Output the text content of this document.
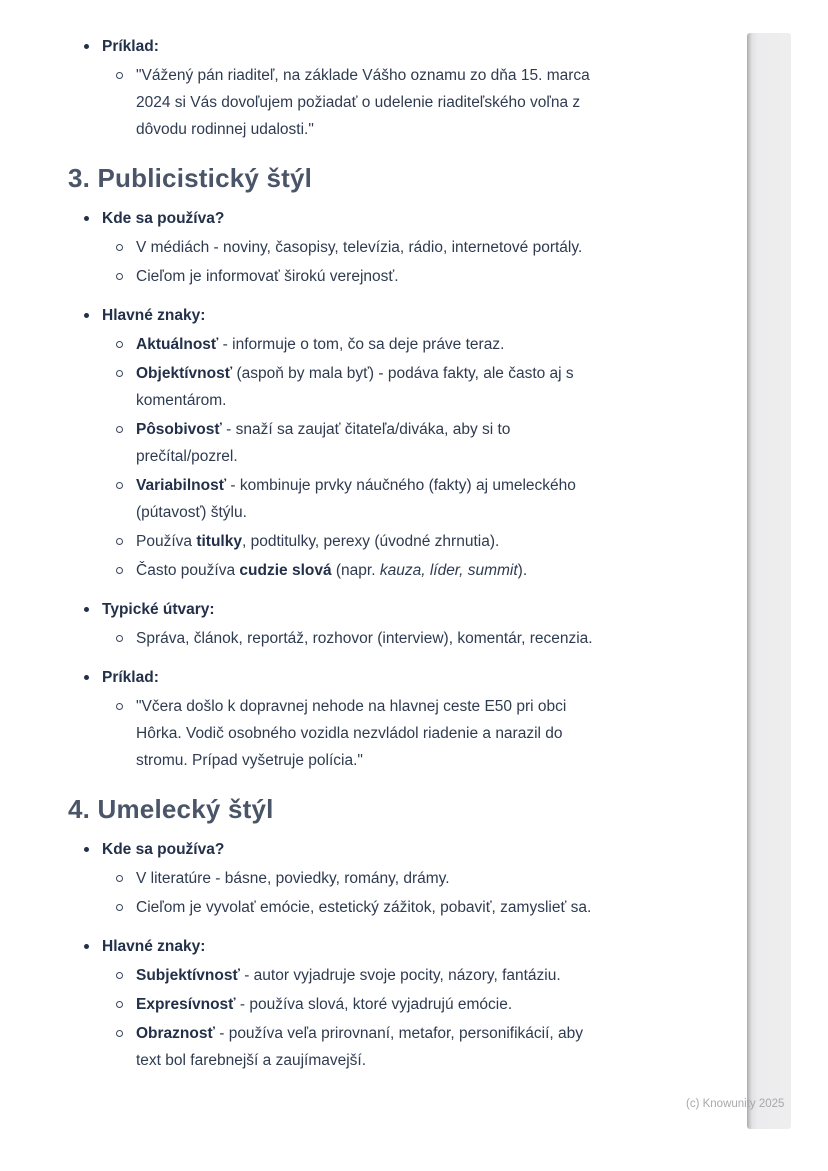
Príklad:
"Vážený pán riaditeľ, na základe Vášho oznamu zo dňa 15. marca
2024 si Vás dovoľujem požiadať o udelenie riaditeľského voľna z
dôvodu rodinnej udalosti."
3. Publicistický štýl
Kde sa používa?
V médiách - noviny, časopisy, televízia, rádio, internetové portály.
Cieľom je informovať širokú verejnosť.
Hlavné znaky:
Aktuálnosť - informuje o tom, čo sa deje práve teraz.
Objektívnosť (aspoň by mala byť) - podáva fakty, ale často aj s
komentárom.
Pôsobivosť - snaží sa zaujať čitateľa/diváka, aby si to
prečítal/pozrel.
Variabilnosť - kombinuje prvky náučného (fakty) aj umeleckého
(pútavosť) štýlu.
Používa titulky, podtitulky, perexy (úvodné zhrnutia).
Často používa cudzie slová (napr. kauza, líder, summit).
Typické útvary:
Správa, článok, reportáž, rozhovor (interview), komentár, recenzia.
Príklad:
"Včera došlo k dopravnej nehode na hlavnej ceste E50 pri obci
Hôrka. Vodič osobného vozidla nezvládol riadenie a narazil do
stromu. Prípad vyšetruje polícia."
4. Umelecký štýl
Kde sa používa?
V literatúre - básne, poviedky, romány, drámy.
Cieľom je vyvolať emócie, estetický zážitok, pobaviť, zamyslieť sa.
Hlavné znaky:
Subjektívnosť - autor vyjadruje svoje pocity, názory, fantáziu.
Expresívnosť - používa slová, ktoré vyjadrujú emócie.
Obraznosť - používa veľa prirovnaní, metafor, personifikácií, aby
text bol farebnejší a zaujímavejší.
(c) Knowunity 2025
